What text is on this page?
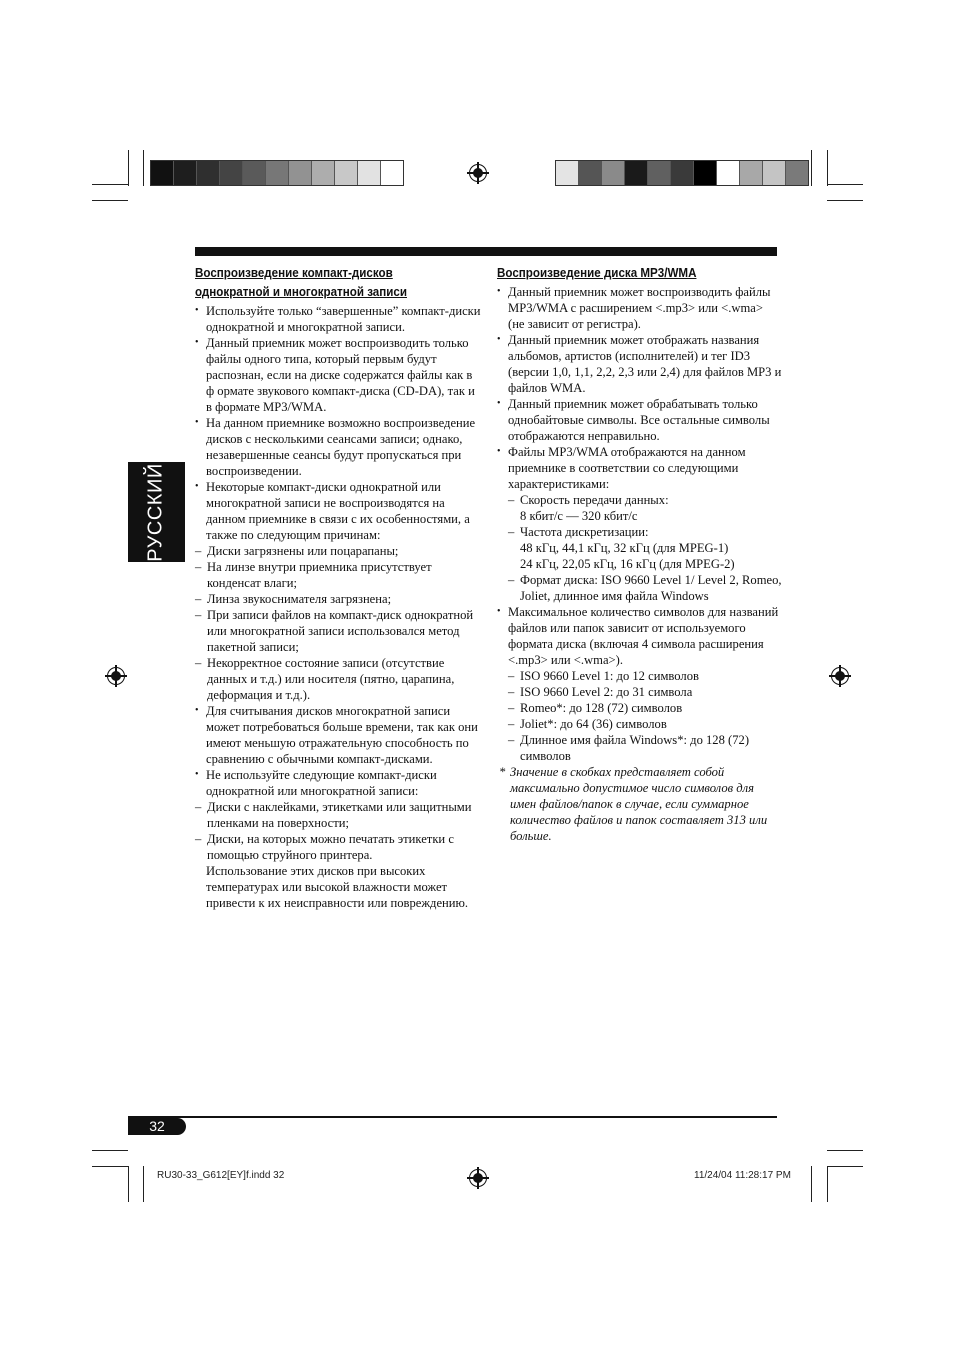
РУССКИЙ
Воспроизведение компакт-дисков
однократной и многократной записи
• Используйте только “завершенные” компакт-диски однократной и многократной записи.
• Данный приемник может воспроизводить только файлы одного типа, который первым будут распознан, если на диске содержатся файлы как в ф ормате звукового компакт-диска (CD-DA), так и в формате MP3/WMA.
• На данном приемнике возможно воспроизведение дисков с несколькими сеансами записи; однако, незавершенные сеансы будут пропускаться при воспроизведении.
• Некоторые компакт-диски однократной или многократной записи не воспроизводятся на данном приемнике в связи с их особенностями, а также по следующим причинам:
– Диски загрязнены или поцарапаны;
– На линзе внутри приемника присутствует конденсат влаги;
– Линза звукоснимателя загрязнена;
– При записи файлов на компакт-диск однократной или многократной записи использовался метод пакетной записи;
– Некорректное состояние записи (отсутствие данных и т.д.) или носителя (пятно, царапина, деформация и т.д.).
• Для считывания дисков многократной записи может потребоваться больше времени, так как они имеют меньшую отражательную способность по сравнению с обычными компакт-дисками.
• Не используйте следующие компакт-диски однократной или многократной записи:
– Диски с наклейками, этикетками или защитными пленками на поверхности;
– Диски, на которых можно печатать этикетки с помощью струйного принтера.
Использование этих дисков при высоких температурах или высокой влажности может привести к их неисправности или повреждению.
Воспроизведение диска MP3/WMA
• Данный приемник может воспроизводить файлы MP3/WMA с расширением <.mp3> или <.wma> (не зависит от регистра).
• Данный приемник может отображать названия альбомов, артистов (исполнителей) и тег ID3 (версии 1,0, 1,1, 2,2, 2,3 или 2,4) для файлов MP3 и файлов WMA.
• Данный приемник может обрабатывать только однобайтовые символы. Все остальные символы отображаются неправильно.
• Файлы MP3/WMA отображаются на данном приемнике в соответствии со следующими характеристиками:
– Скорость передачи данных:
8 кбит/с — 320 кбит/с
– Частота дискретизации:
48 кГц, 44,1 кГц, 32 кГц (для MPEG-1)
24 кГц, 22,05 кГц, 16 кГц (для MPEG-2)
– Формат диска: ISO 9660 Level 1/ Level 2, Romeo, Joliet, длинное имя файла Windows
• Максимальное количество символов для названий файлов или папок зависит от используемого формата диска (включая 4 символа расширения <.mp3> или <.wma>).
– ISO 9660 Level 1: до 12 символов
– ISO 9660 Level 2: до 31 символа
– Romeo*: до 128 (72) символов
– Joliet*: до 64 (36) символов
– Длинное имя файла Windows*: до 128 (72) символов
* Значение в скобках представляет собой максимально допустимое число символов для имен файлов/папок в случае, если суммарное количество файлов и папок составляет 313 или больше.
32
RU30-33_G612[EY]f.indd 32	11/24/04 11:28:17 PM
